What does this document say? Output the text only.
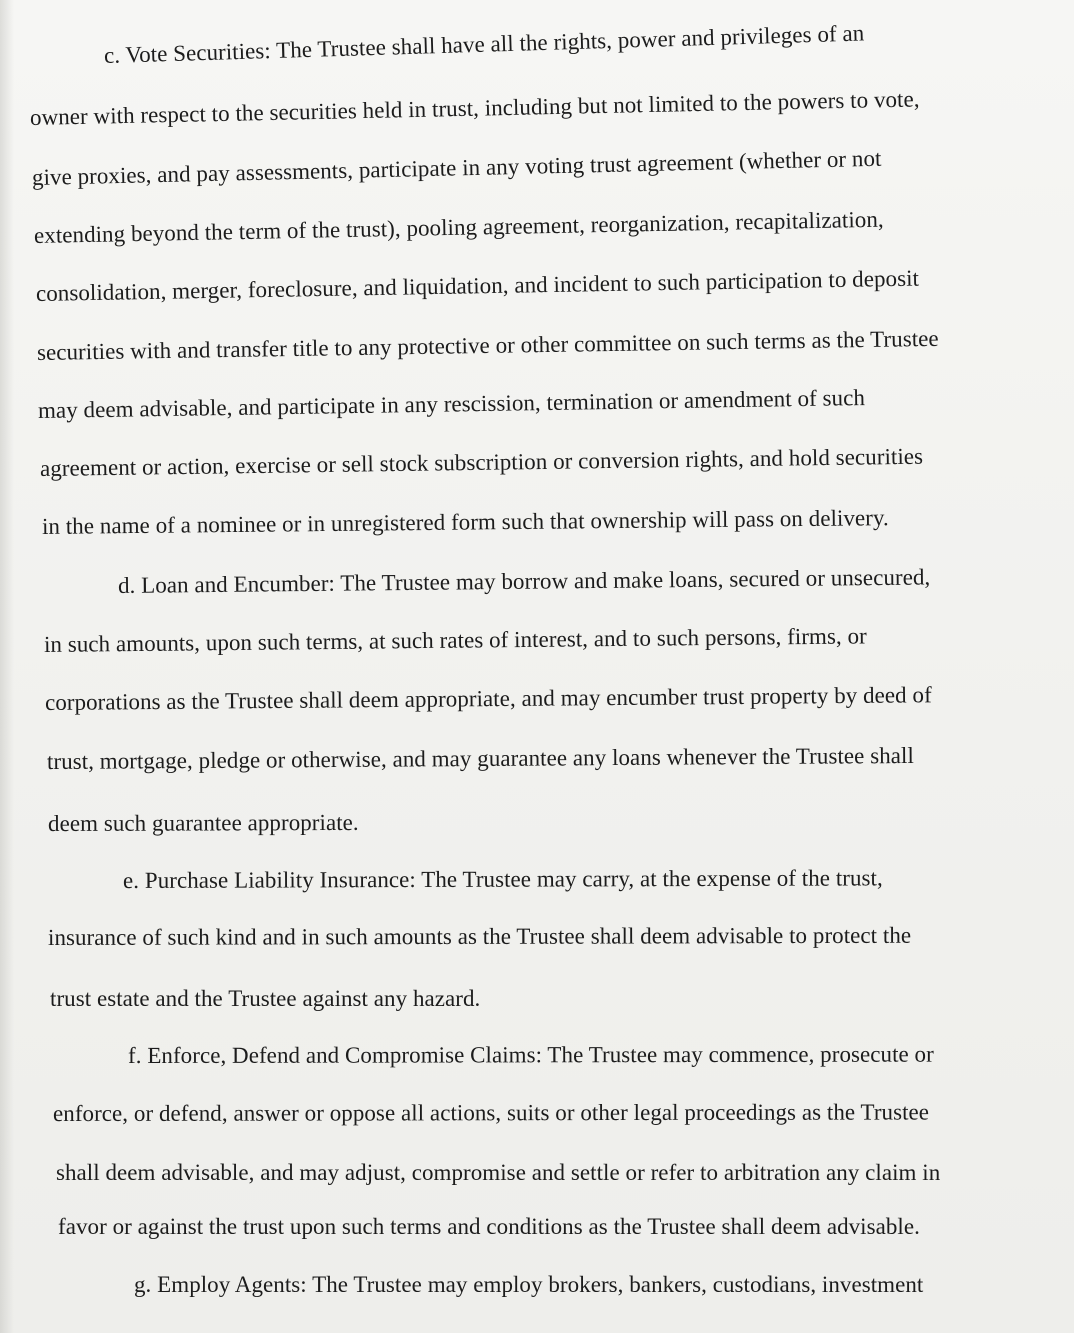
c. Vote Securities: The Trustee shall have all the rights, power and privileges of an
owner with respect to the securities held in trust, including but not limited to the powers to vote,
give proxies, and pay assessments, participate in any voting trust agreement (whether or not
extending beyond the term of the trust), pooling agreement, reorganization, recapitalization,
consolidation, merger, foreclosure, and liquidation, and incident to such participation to deposit
securities with and transfer title to any protective or other committee on such terms as the Trustee
may deem advisable, and participate in any rescission, termination or amendment of such
agreement or action, exercise or sell stock subscription or conversion rights, and hold securities
in the name of a nominee or in unregistered form such that ownership will pass on delivery.
d. Loan and Encumber: The Trustee may borrow and make loans, secured or unsecured,
in such amounts, upon such terms, at such rates of interest, and to such persons, firms, or
corporations as the Trustee shall deem appropriate, and may encumber trust property by deed of
trust, mortgage, pledge or otherwise, and may guarantee any loans whenever the Trustee shall
deem such guarantee appropriate.
e. Purchase Liability Insurance: The Trustee may carry, at the expense of the trust,
insurance of such kind and in such amounts as the Trustee shall deem advisable to protect the
trust estate and the Trustee against any hazard.
f. Enforce, Defend and Compromise Claims: The Trustee may commence, prosecute or
enforce, or defend, answer or oppose all actions, suits or other legal proceedings as the Trustee
shall deem advisable, and may adjust, compromise and settle or refer to arbitration any claim in
favor or against the trust upon such terms and conditions as the Trustee shall deem advisable.
g. Employ Agents: The Trustee may employ brokers, bankers, custodians, investment
